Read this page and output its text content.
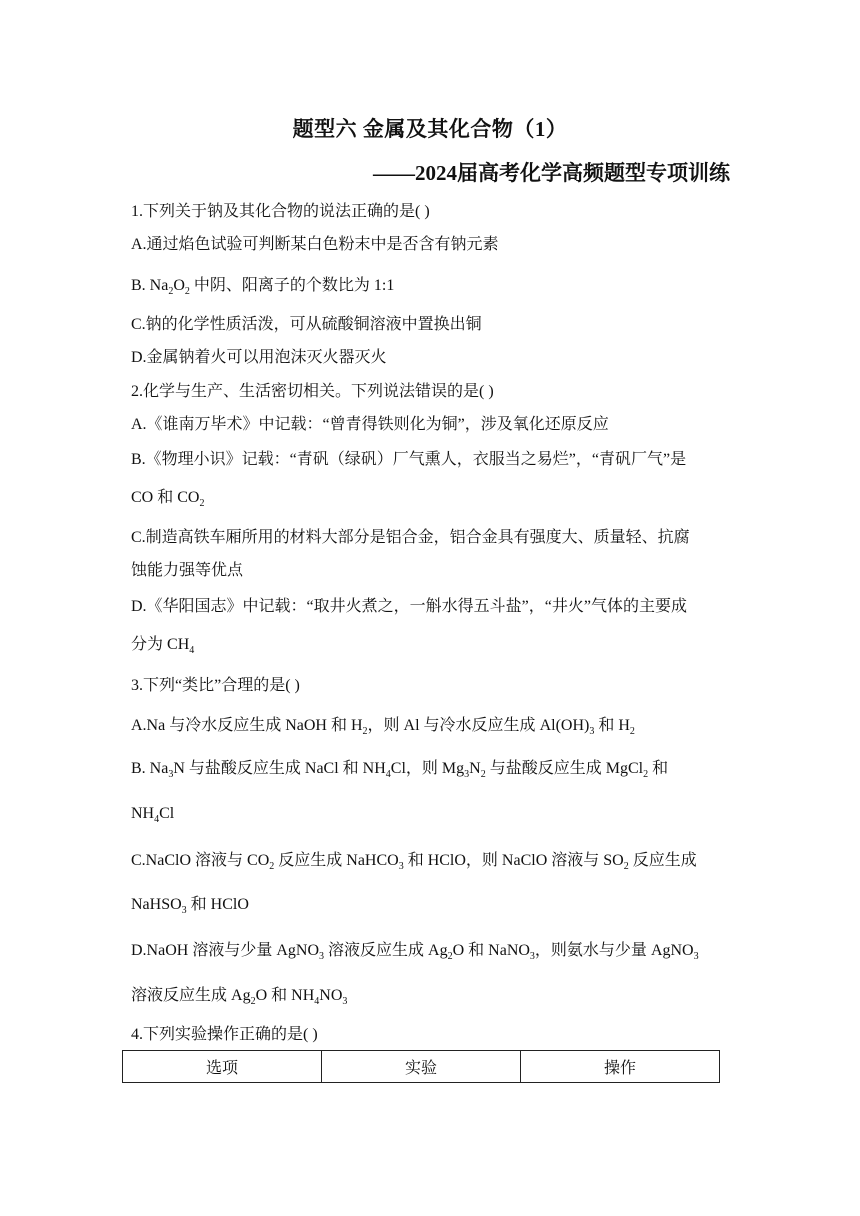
题型六 金属及其化合物（1）
——2024届高考化学高频题型专项训练
1.下列关于钠及其化合物的说法正确的是( )
A.通过焰色试验可判断某白色粉末中是否含有钠元素
B. $Na_2O_2$ 中阴、阳离子的个数比为 1:1
C.钠的化学性质活泼，可从硫酸铜溶液中置换出铜
D.金属钠着火可以用泡沫灭火器灭火
2.化学与生产、生活密切相关。下列说法错误的是( )
A.《谁南万毕术》中记载：“曾青得铁则化为铜”，涉及氧化还原反应
B.《物理小识》记载：“青矾（绿矾）厂气熏人，衣服当之易烂”，“青矾厂气”是
CO 和 $CO_2$
C.制造高铁车厢所用的材料大部分是铝合金，铝合金具有强度大、质量轻、抗腐
蚀能力强等优点
D.《华阳国志》中记载：“取井火煮之，一斛水得五斗盐”，“井火”气体的主要成
分为 $CH_4$
3.下列“类比”合理的是( )
A.Na 与冷水反应生成 NaOH 和 $H_2$，则 Al 与冷水反应生成 $Al(OH)_3$ 和 $H_2$
B. $Na_3N$ 与盐酸反应生成 NaCl 和 $NH_4Cl$，则 $Mg_3N_2$ 与盐酸反应生成 MgCl$_2$ 和
$NH_4Cl$
C.NaClO 溶液与 $CO_2$ 反应生成 NaHCO$_3$ 和 HClO，则 NaClO 溶液与 $SO_2$ 反应生成
NaHSO$_3$ 和 HClO
D.NaOH 溶液与少量 AgNO$_3$ 溶液反应生成 $Ag_2O$ 和 NaNO$_3$，则氨水与少量 AgNO$_3$
溶液反应生成 $Ag_2O$ 和 $NH_4NO_3$
4.下列实验操作正确的是( )
选项	实验	操作
